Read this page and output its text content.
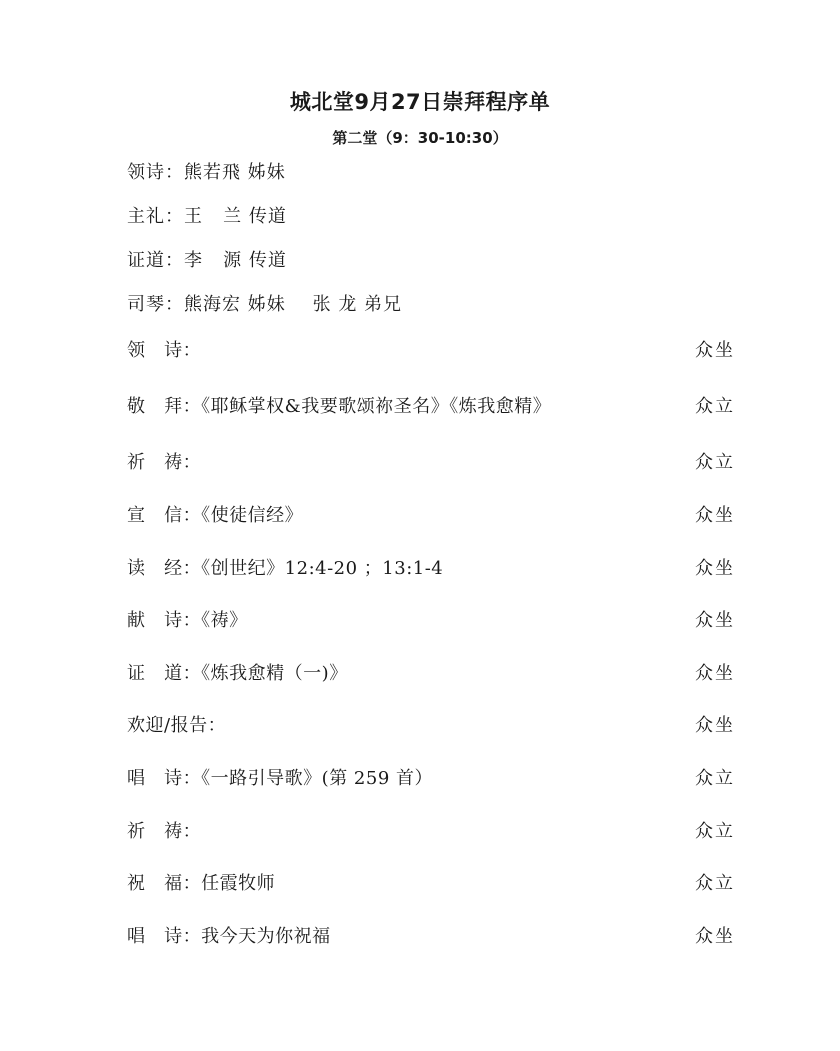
城北堂9月27日崇拜程序单
第二堂（9：30-10:30）
领诗：熊若飛 姊妹
主礼：王   兰 传道
证道：李   源 传道
司琴：熊海宏 姊妹    张 龙 弟兄
领   诗：	众坐
敬   拜：《耶稣掌权&我要歌颂祢圣名》《炼我愈精》	众立
祈   祷：	众立
宣   信：《使徒信经》	众坐
读   经：《创世纪》12:4-20 ；13:1-4	众坐
献   诗：《祷》	众坐
证   道：《炼我愈精（一)》	众坐
欢迎/报告：	众坐
唱   诗：《一路引导歌》(第 259 首）	众立
祈   祷：	众立
祝   福：任霞牧师	众立
唱   诗：我今天为你祝福	众坐
